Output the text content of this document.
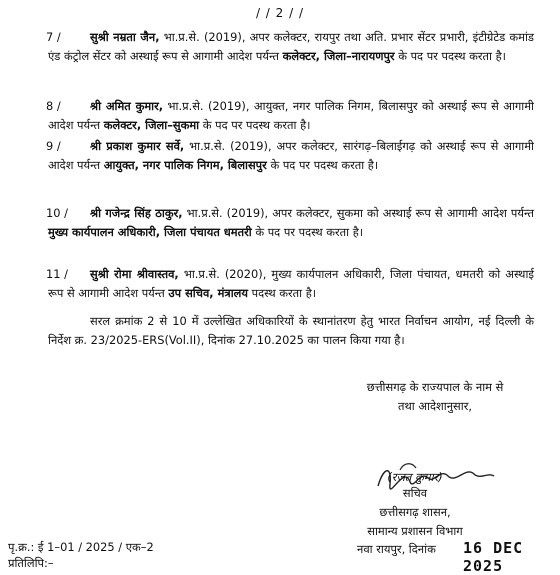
/ / 2 / /
7 /	सुश्री नम्रता जैन, भा.प्र.से. (2019), अपर कलेक्टर, रायपुर तथा अति. प्रभार सेंटर प्रभारी, इंटीग्रेटेड कमांड एंड कंट्रोल सेंटर को अस्थाई रूप से आगामी आदेश पर्यन्त कलेक्टर, जिला–नारायणपुर के पद पर पदस्थ करता है।
8 /	श्री अमित कुमार, भा.प्र.से. (2019), आयुक्त, नगर पालिक निगम, बिलासपुर को अस्थाई रूप से आगामी आदेश पर्यन्त कलेक्टर, जिला–सुकमा के पद पर पदस्थ करता है।
9 /	श्री प्रकाश कुमार सर्वे, भा.प्र.से. (2019), अपर कलेक्टर, सारंगढ़–बिलाईगढ़ को अस्थाई रूप से आगामी आदेश पर्यन्त आयुक्त, नगर पालिक निगम, बिलासपुर के पद पर पदस्थ करता है।
10 /	श्री गजेन्द्र सिंह ठाकुर, भा.प्र.से. (2019), अपर कलेक्टर, सुकमा को अस्थाई रूप से आगामी आदेश पर्यन्त मुख्य कार्यपालन अधिकारी, जिला पंचायत धमतरी के पद पर पदस्थ करता है।
11 /	सुश्री रोमा श्रीवास्तव, भा.प्र.से. (2020), मुख्य कार्यपालन अधिकारी, जिला पंचायत, धमतरी को अस्थाई रूप से आगामी आदेश पर्यन्त उप सचिव, मंत्रालय पदस्थ करता है।
सरल क्रमांक 2 से 10 में उल्लेखित अधिकारियों के स्थानांतरण हेतु भारत निर्वाचन आयोग, नई दिल्ली के निर्देश क्र. 23/2025-ERS(Vol.II), दिनांक 27.10.2025 का पालन किया गया है।
छत्तीसगढ़ के राज्यपाल के नाम से
तथा आदेशानुसार,
(रजत कुमार)
सचिव
छत्तीसगढ़ शासन,
सामान्य प्रशासन विभाग
पृ.क्र.: ई 1–01 / 2025 / एक–2
प्रतिलिपि:–
नवा रायपुर, दिनांक 16 DEC 2025
